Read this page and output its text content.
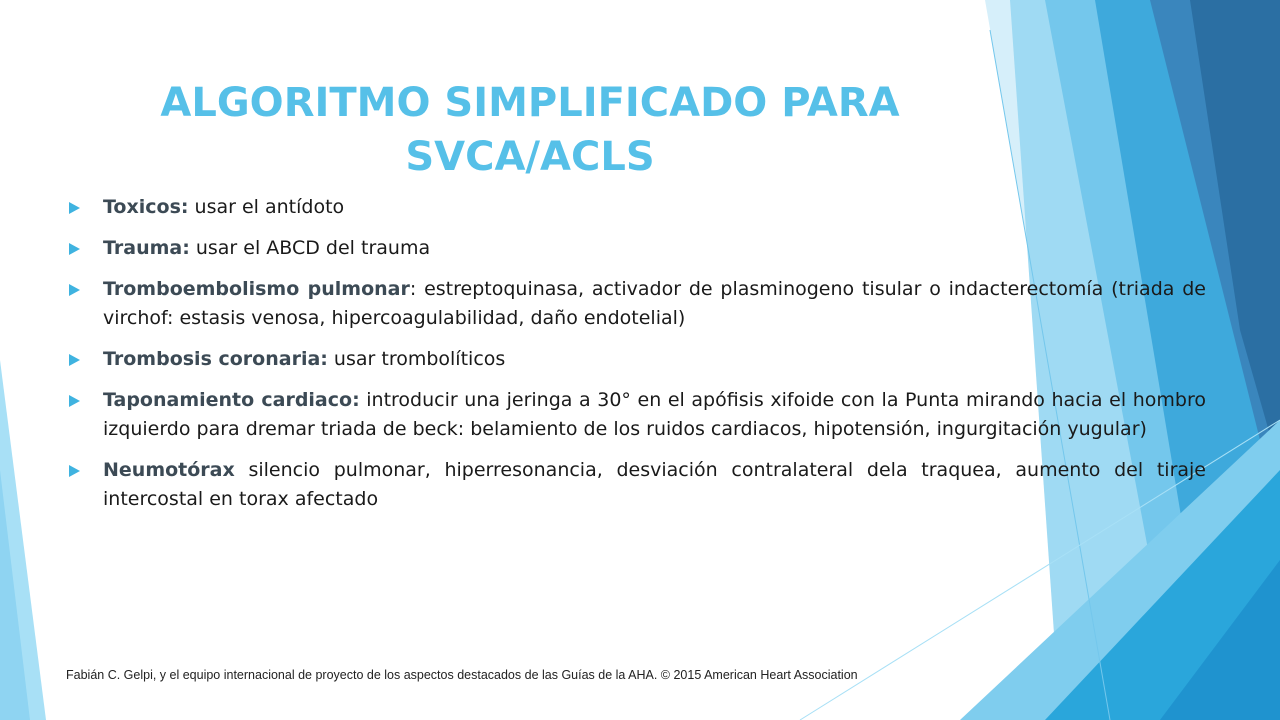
ALGORITMO SIMPLIFICADO PARA
SVCA/ACLS
Toxicos: usar el antídoto
Trauma: usar el ABCD del trauma
Tromboembolismo pulmonar: estreptoquinasa, activador de plasminogeno tisular o indacterectomía (triada de virchof: estasis venosa, hipercoagulabilidad, daño endotelial)
Trombosis coronaria: usar trombolíticos
Taponamiento cardiaco: introducir una jeringa a 30° en el apófisis xifoide con la Punta mirando hacia el hombro izquierdo para dremar triada de beck: belamiento de los ruidos cardiacos, hipotensión, ingurgitación yugular)
Neumotórax silencio pulmonar, hiperresonancia, desviación contralateral dela traquea, aumento del tiraje intercostal en torax afectado

Fabián C. Gelpi, y el equipo internacional de proyecto de los aspectos destacados de las Guías de la AHA. © 2015 American Heart Association
